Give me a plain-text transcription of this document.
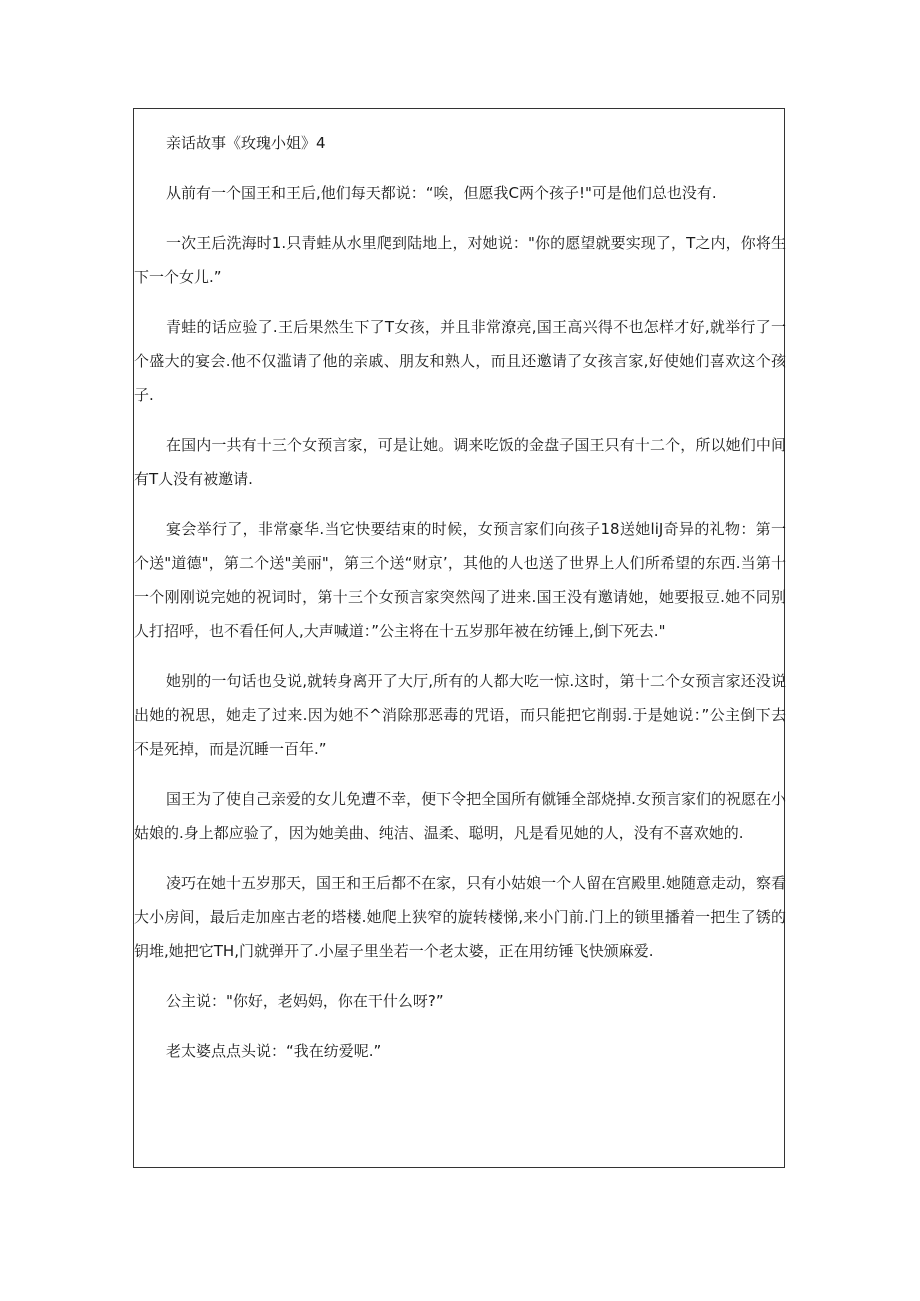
亲话故事《玫瑰小姐》4

从前有一个国王和王后,他们每天都说：“唉，但愿我C两个孩子!"可是他们总也没有.

一次王后洗海时1.只青蛙从水里爬到陆地上，对她说："你的愿望就要实现了，T之内，你将生下一个女儿.”

青蛙的话应验了.王后果然生下了T女孩，并且非常潦亮,国王高兴得不也怎样才好,就举行了一个盛大的宴会.他不仅滥请了他的亲戚、朋友和熟人，而且还邀请了女孩言家,好使她们喜欢这个孩子.

在国内一共有十三个女预言家，可是让她。调来吃饭的金盘子国王只有十二个，所以她们中间有T人没有被邀请.

宴会举行了，非常豪华.当它快要结束的时候，女预言家们向孩子18送她liJ奇异的礼物：第一个送"道德"，第二个送"美丽"，第三个送“财京’，其他的人也送了世界上人们所希望的东西.当第十一个刚刚说完她的祝词时，第十三个女预言家突然闯了进来.国王没有邀请她，她要报豆.她不同别人打招呼，也不看任何人,大声喊道：”公主将在十五岁那年被在纺锤上,倒下死去."

她别的一句话也殳说,就转身离开了大厅,所有的人都大吃一惊.这时，第十二个女预言家还没说出她的祝思，她走了过来.因为她不^消除那恶毒的咒语，而只能把它削弱.于是她说：”公主倒下去不是死掉，而是沉睡一百年.”

国王为了使自己亲爱的女儿免遭不幸，便下令把全国所有僦锤全部烧掉.女预言家们的祝愿在小姑娘的.身上都应验了，因为她美曲、纯洁、温柔、聪明，凡是看见她的人，没有不喜欢她的.

凌巧在她十五岁那天，国王和王后都不在家，只有小姑娘一个人留在宫殿里.她随意走动，察看大小房间，最后走加座古老的塔楼.她爬上狭窄的旋转楼悌,来小门前.门上的锁里播着一把生了锈的钥堆,她把它TH,门就弹开了.小屋子里坐若一个老太婆，正在用纺锤飞快颁麻爱.

公主说："你好，老妈妈，你在干什么呀?”

老太婆点点头说：“我在纺爱呢.”
